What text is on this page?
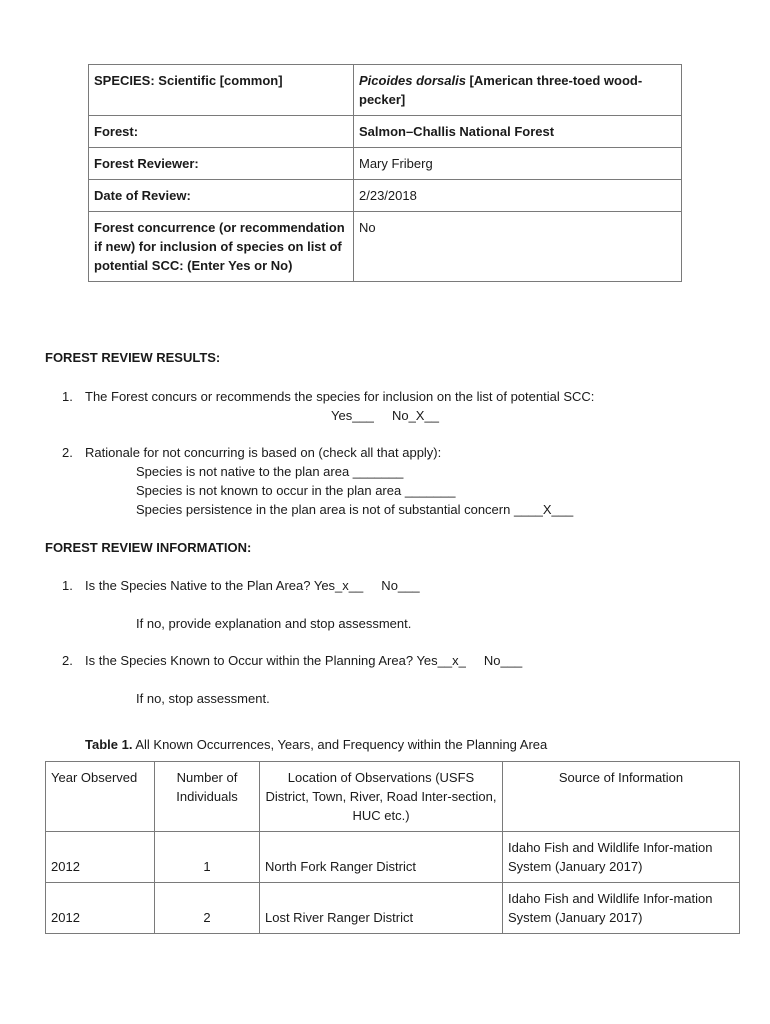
SPECIES: Scientific [common]	Picoides dorsalis [American three-toed wood-pecker]
Forest:	Salmon–Challis National Forest
Forest Reviewer:	Mary Friberg
Date of Review:	2/23/2018
Forest concurrence (or recommendation if new) for inclusion of species on list of potential SCC: (Enter Yes or No)	No
FOREST REVIEW RESULTS:
1. The Forest concurs or recommends the species for inclusion on the list of potential SCC:
Yes___     No_X__
2. Rationale for not concurring is based on (check all that apply):
Species is not native to the plan area _______
Species is not known to occur in the plan area _______
Species persistence in the plan area is not of substantial concern ____X___
FOREST REVIEW INFORMATION:
1. Is the Species Native to the Plan Area? Yes_x__     No___
If no, provide explanation and stop assessment.
2. Is the Species Known to Occur within the Planning Area? Yes__x_     No___
If no, stop assessment.
Table 1. All Known Occurrences, Years, and Frequency within the Planning Area
Year Observed	Number of Individuals	Location of Observations (USFS District, Town, River, Road Inter-section, HUC etc.)	Source of Information
2012	1	North Fork Ranger District	Idaho Fish and Wildlife Infor-mation System (January 2017)
2012	2	Lost River Ranger District	Idaho Fish and Wildlife Infor-mation System (January 2017)
